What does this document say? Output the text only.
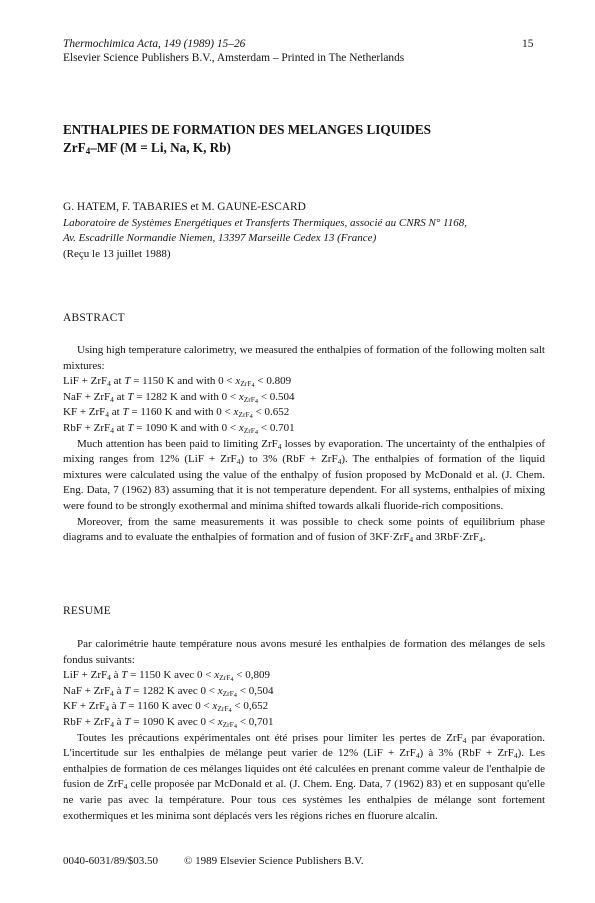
Thermochimica Acta, 149 (1989) 15–26
Elsevier Science Publishers B.V., Amsterdam – Printed in The Netherlands
15
ENTHALPIES DE FORMATION DES MELANGES LIQUIDES
ZrF$_4$–MF (M = Li, Na, K, Rb)
G. HATEM, F. TABARIES et M. GAUNE-ESCARD
Laboratoire de Systèmes Energétiques et Transferts Thermiques, associé au CNRS N° 1168,
Av. Escadrille Normandie Niemen, 13397 Marseille Cedex 13 (France)
(Reçu le 13 juillet 1988)
ABSTRACT

Using high temperature calorimetry, we measured the enthalpies of formation of the following molten salt mixtures:

LiF + ZrF$_4$ at T = 1150 K and with $0 < x_{ZrF_4} < 0.809$
NaF + ZrF$_4$ at T = 1282 K and with $0 < x_{ZrF_4} < 0.504$
KF + ZrF$_4$ at T = 1160 K and with $0 < x_{ZrF_4} < 0.652$
RbF + ZrF$_4$ at T = 1090 K and with $0 < x_{ZrF_4} < 0.701$

Much attention has been paid to limiting ZrF$_4$ losses by evaporation. The uncertainty of the enthalpies of mixing ranges from 12% (LiF + ZrF$_4$) to 3% (RbF + ZrF$_4$). The enthalpies of formation of the liquid mixtures were calculated using the value of the enthalpy of fusion proposed by McDonald et al. (J. Chem. Eng. Data, 7 (1962) 83) assuming that it is not temperature dependent. For all systems, enthalpies of mixing were found to be strongly exothermal and minima shifted towards alkali fluoride-rich compositions.

Moreover, from the same measurements it was possible to check some points of equilibrium phase diagrams and to evaluate the enthalpies of formation and of fusion of 3KF·ZrF$_4$ and 3RbF·ZrF$_4$.

RESUME

Par calorimétrie haute température nous avons mesuré les enthalpies de formation des mélanges de sels fondus suivants:

LiF + ZrF$_4$ à T = 1150 K avec $0 < x_{ZrF_4} < 0,809$
NaF + ZrF$_4$ à T = 1282 K avec $0 < x_{ZrF_4} < 0,504$
KF + ZrF$_4$ à T = 1160 K avec $0 < x_{ZrF_4} < 0,652$
RbF + ZrF$_4$ à T = 1090 K avec $0 < x_{ZrF_4} < 0,701$

Toutes les précautions expérimentales ont été prises pour limiter les pertes de ZrF$_4$ par évaporation. L'incertitude sur les enthalpies de mélange peut varier de 12% (LiF + ZrF$_4$) à 3% (RbF + ZrF$_4$). Les enthalpies de formation de ces mélanges liquides ont été calculées en prenant comme valeur de l'enthalpie de fusion de ZrF$_4$ celle proposée par McDonald et al. (J. Chem. Eng. Data, 7 (1962) 83) et en supposant qu'elle ne varie pas avec la température. Pour tous ces systèmes les enthalpies de mélange sont fortement exothermiques et les minima sont déplacés vers les régions riches en fluorure alcalin.

0040-6031/89/$03.50 © 1989 Elsevier Science Publishers B.V.
